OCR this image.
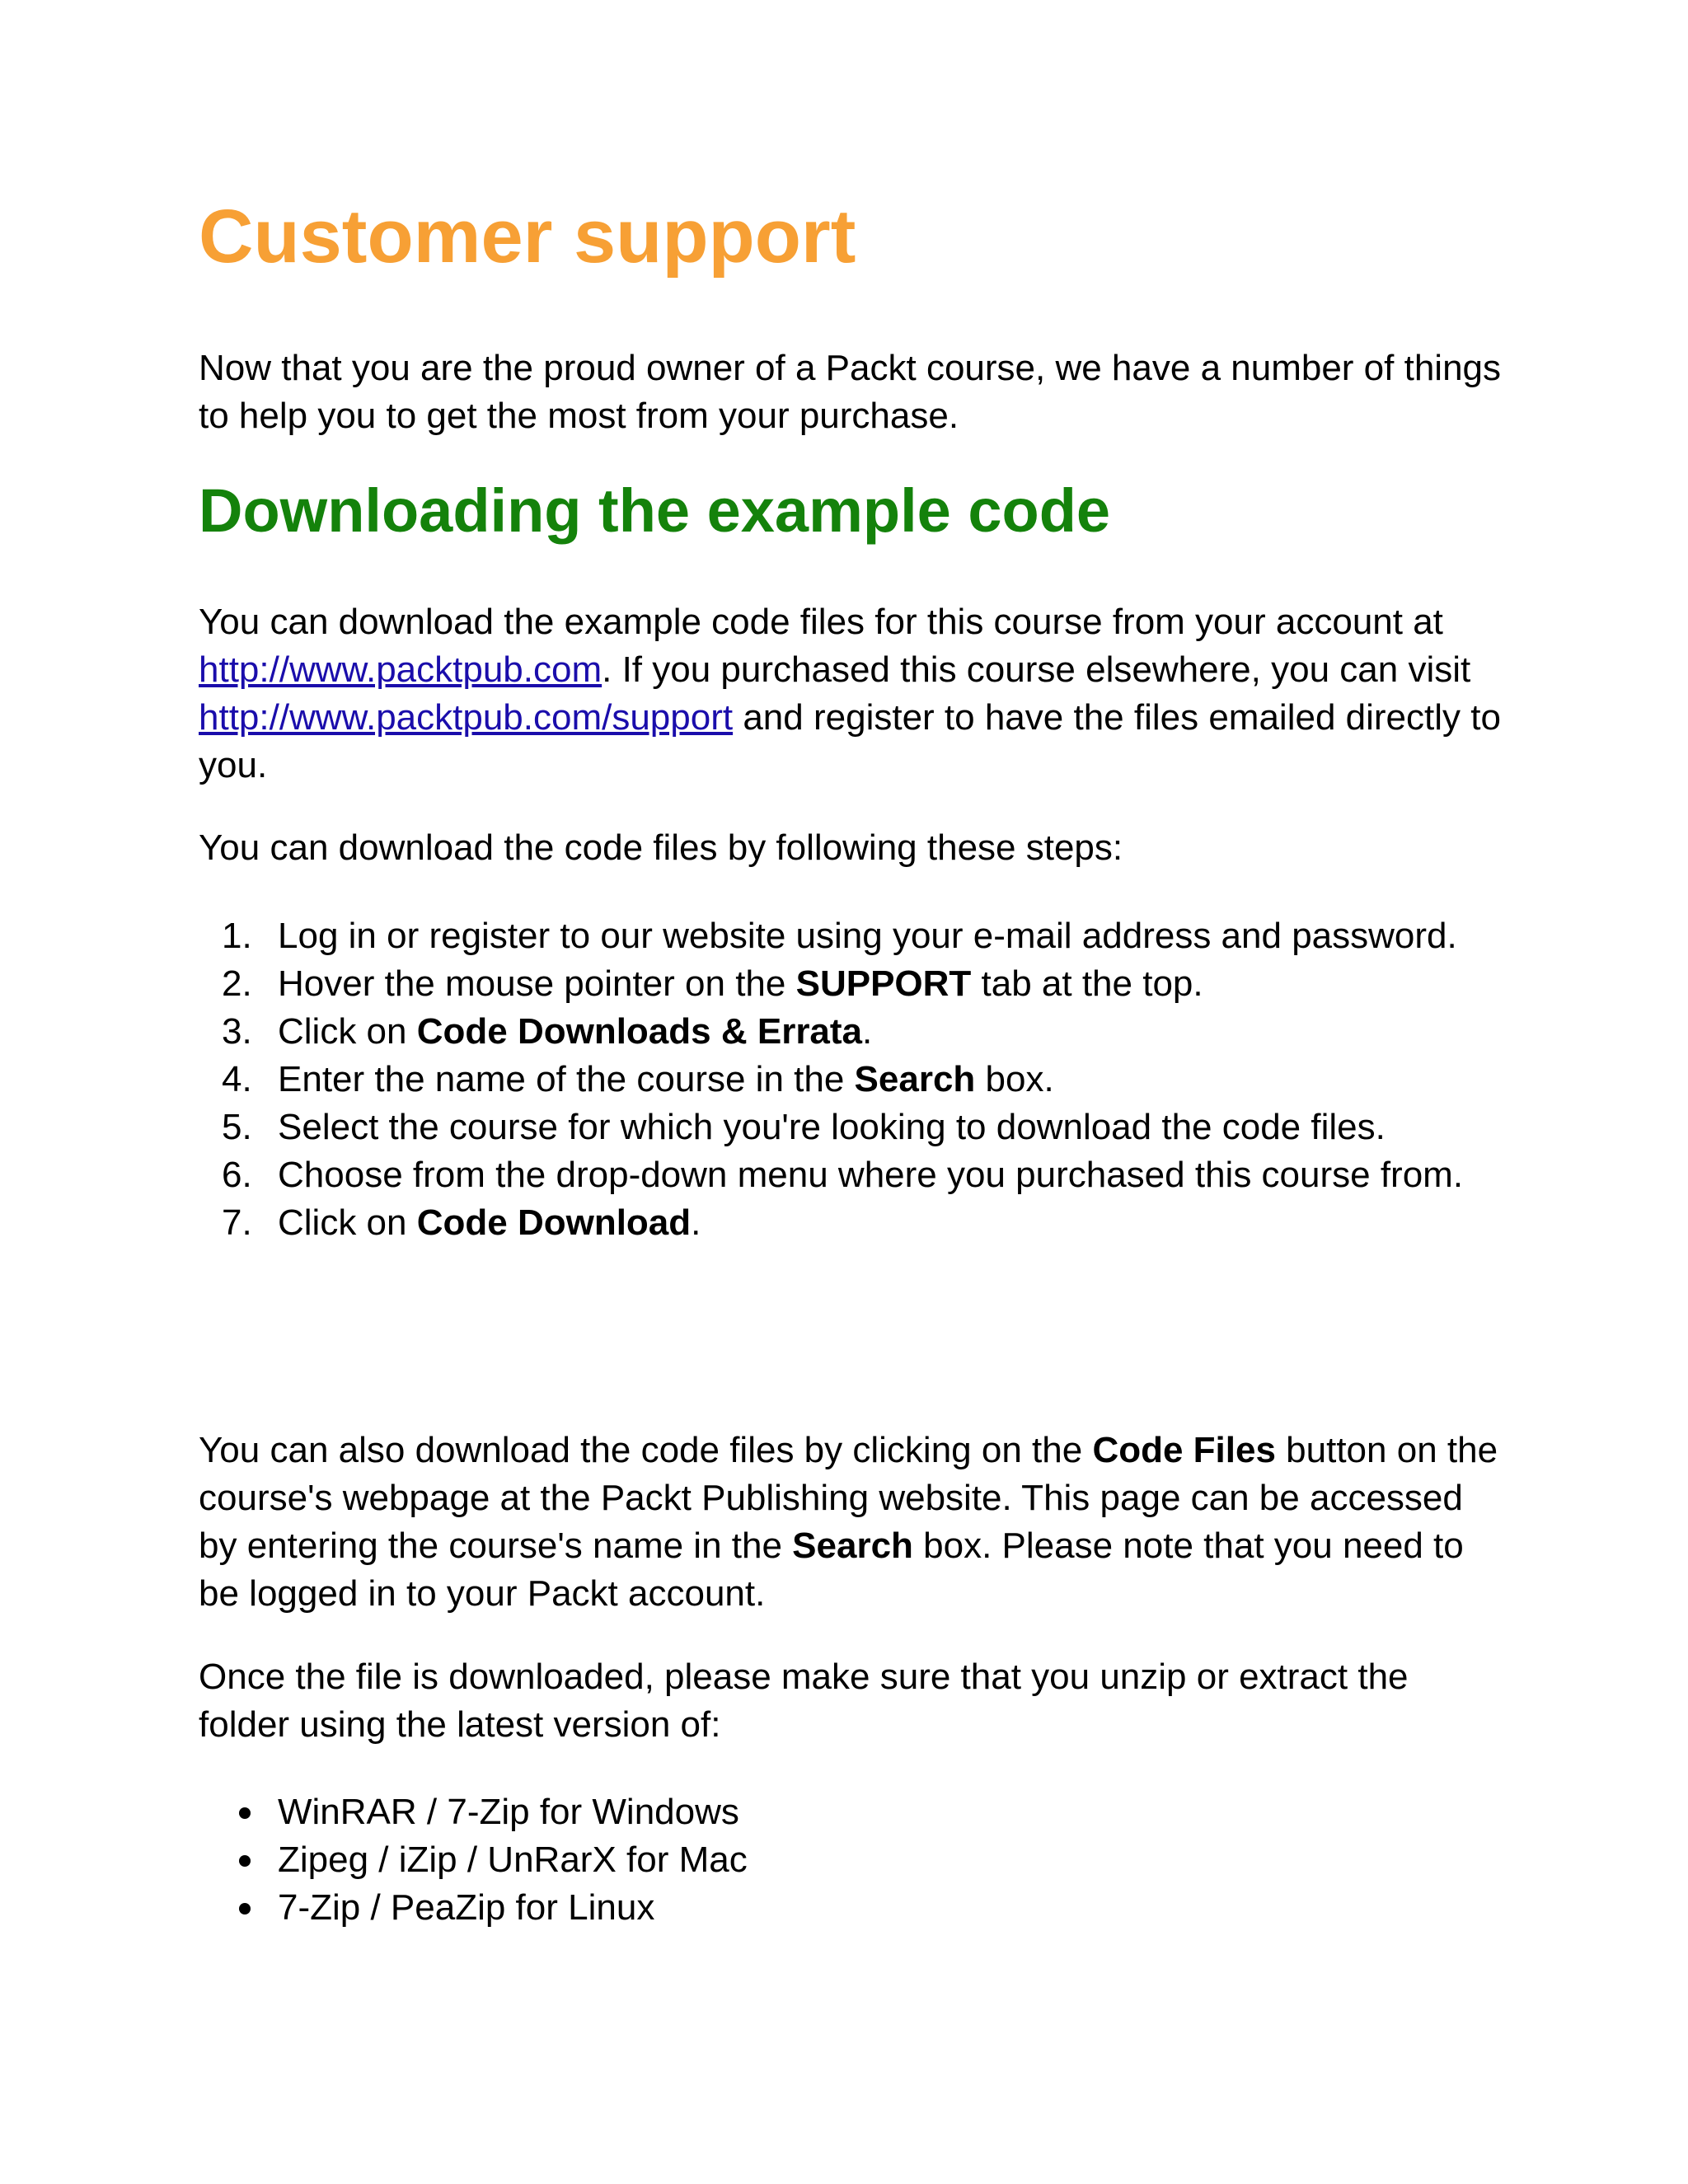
Customer support

Now that you are the proud owner of a Packt course, we have a number of things to help you to get the most from your purchase.

Downloading the example code

You can download the example code files for this course from your account at http://www.packtpub.com. If you purchased this course elsewhere, you can visit http://www.packtpub.com/support and register to have the files emailed directly to you.

You can download the code files by following these steps:

1. Log in or register to our website using your e-mail address and password.
2. Hover the mouse pointer on the SUPPORT tab at the top.
3. Click on Code Downloads & Errata.
4. Enter the name of the course in the Search box.
5. Select the course for which you're looking to download the code files.
6. Choose from the drop-down menu where you purchased this course from.
7. Click on Code Download.

You can also download the code files by clicking on the Code Files button on the course's webpage at the Packt Publishing website. This page can be accessed by entering the course's name in the Search box. Please note that you need to be logged in to your Packt account.

Once the file is downloaded, please make sure that you unzip or extract the folder using the latest version of:

WinRAR / 7-Zip for Windows
Zipeg / iZip / UnRarX for Mac
7-Zip / PeaZip for Linux
